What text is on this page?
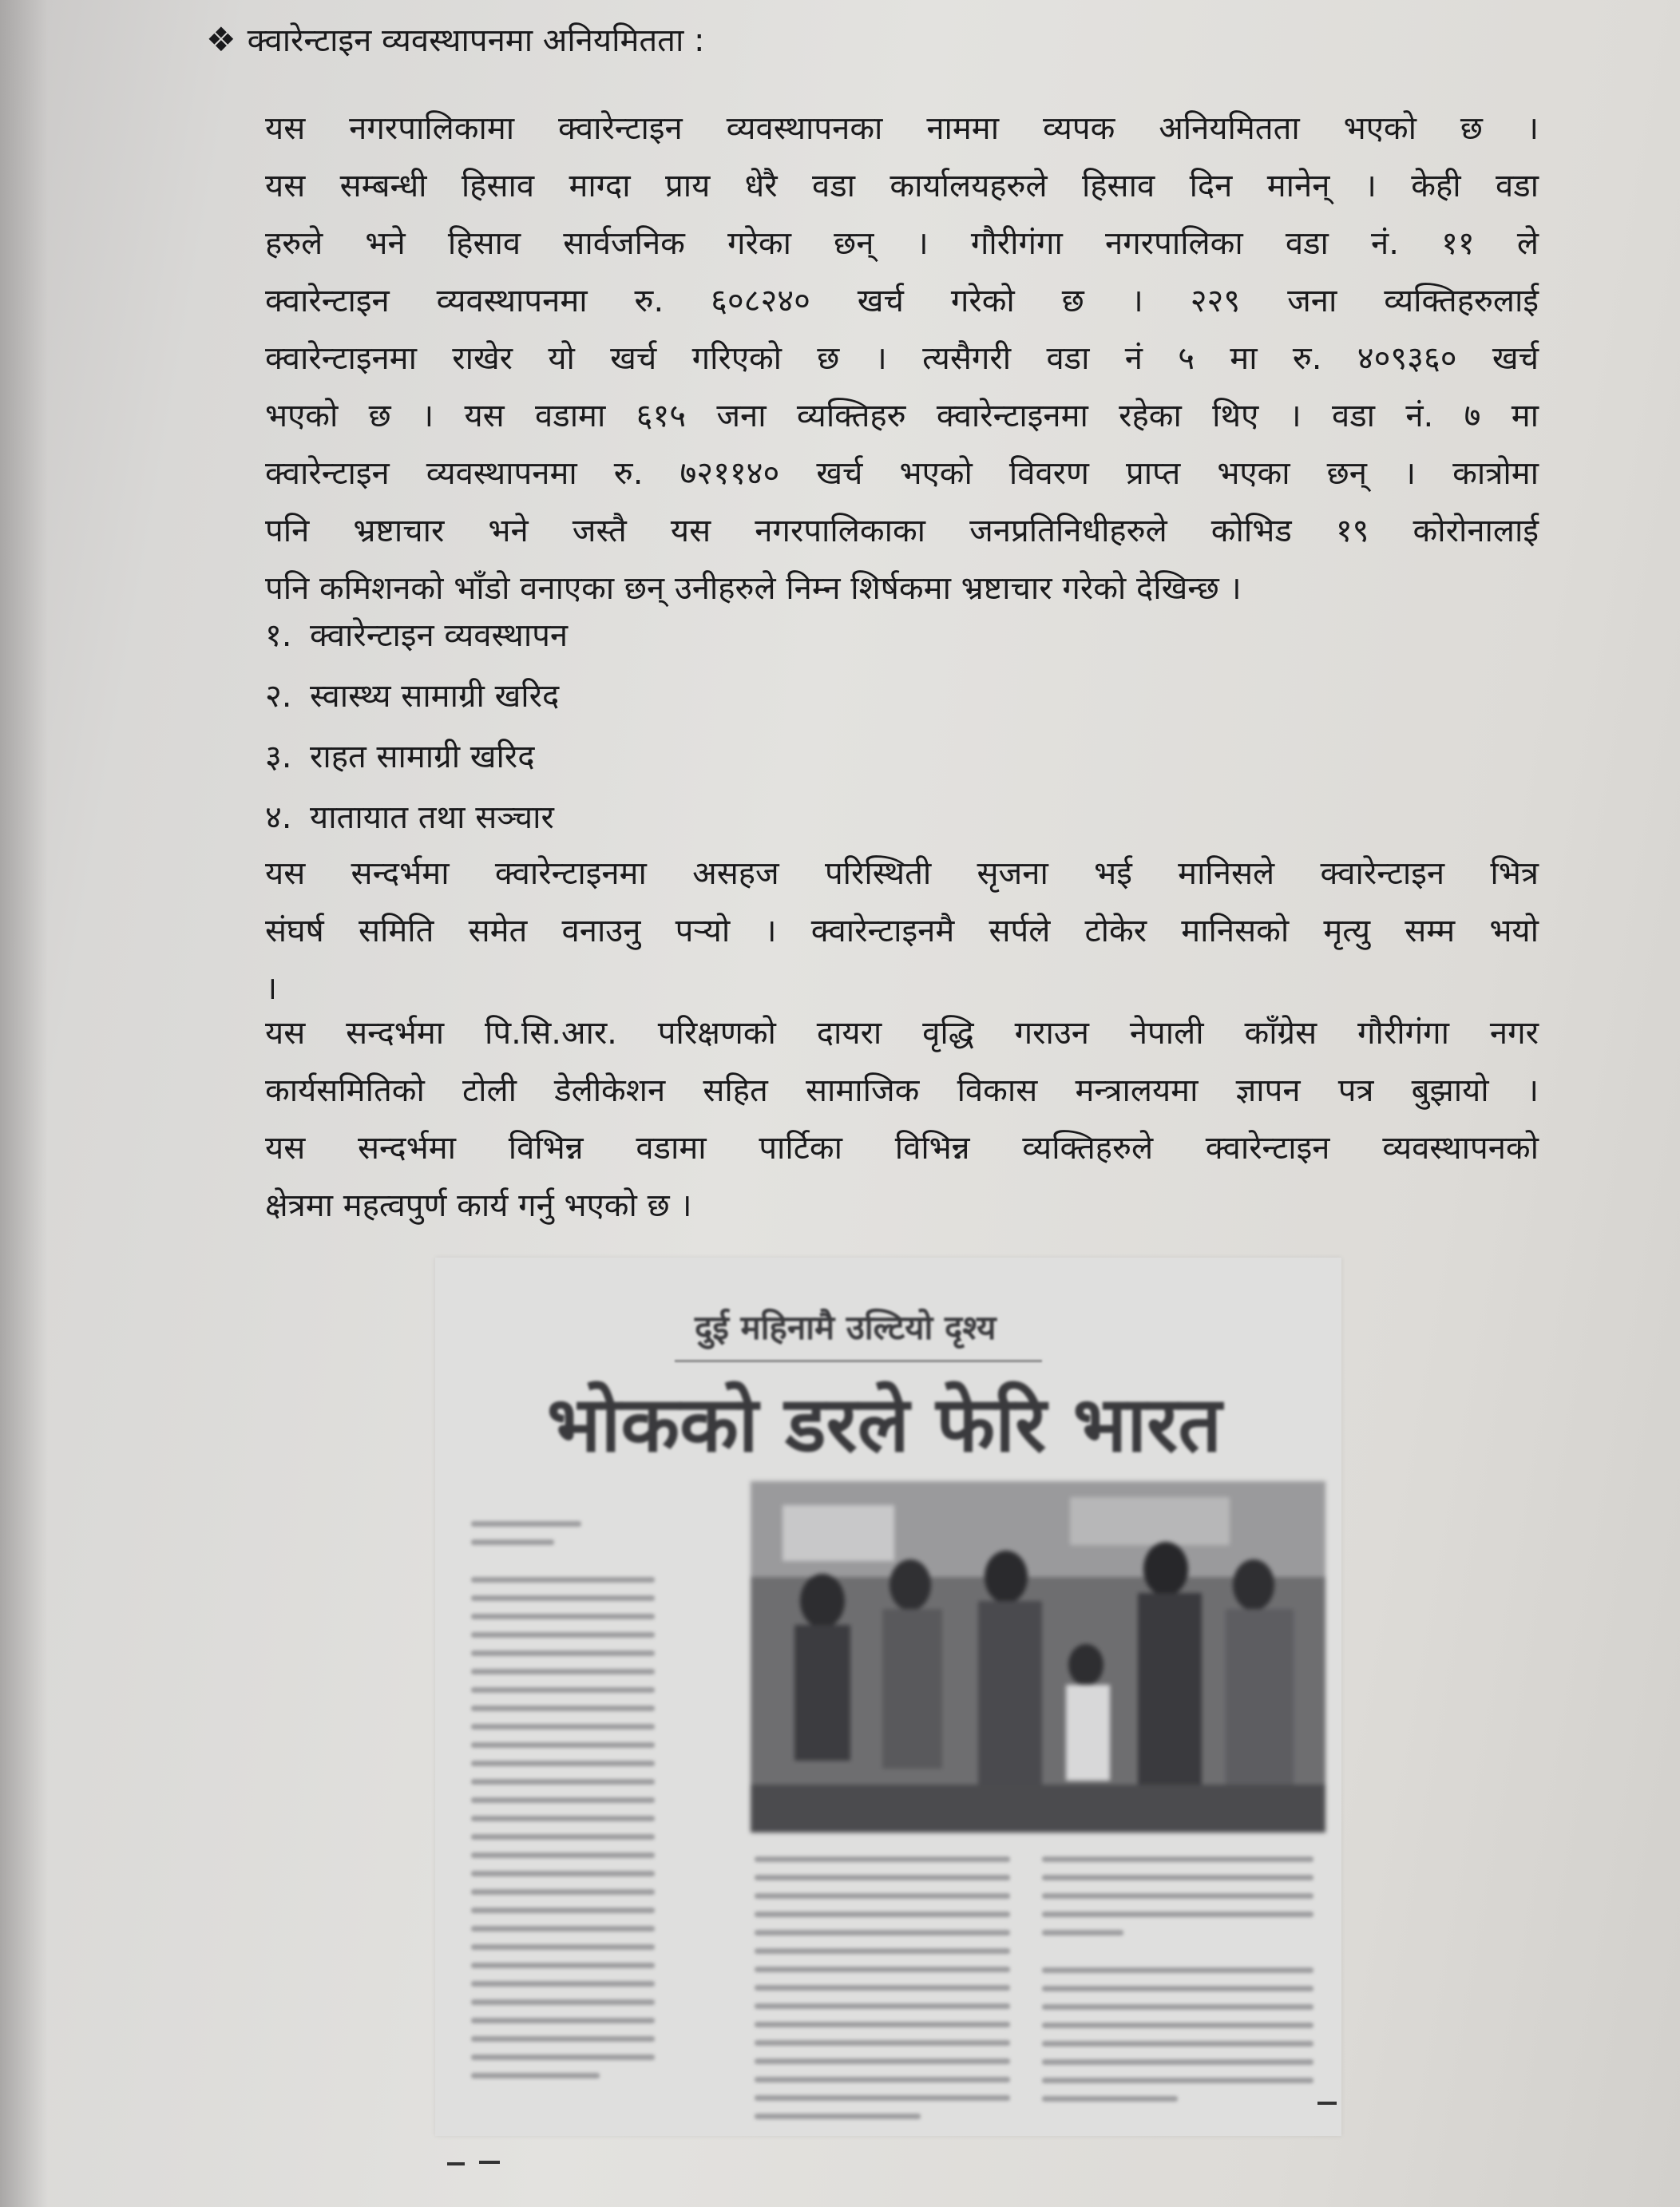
❖ क्वारेन्टाइन व्यवस्थापनमा अनियमितता :
यस नगरपालिकामा क्वारेन्टाइन व्यवस्थापनका नाममा व्यपक अनियमितता भएको छ ।
यस सम्बन्धी हिसाव माग्दा प्राय धेरै वडा कार्यालयहरुले हिसाव दिन मानेन् । केही वडा
हरुले भने हिसाव सार्वजनिक गरेका छन् । गौरीगंगा नगरपालिका वडा नं. ११ ले
क्वारेन्टाइन व्यवस्थापनमा रु. ६०८२४० खर्च गरेको छ । २२९ जना व्यक्तिहरुलाई
क्वारेन्टाइनमा राखेर यो खर्च गरिएको छ । त्यसैगरी वडा नं ५ मा रु. ४०९३६० खर्च
भएको छ । यस वडामा ६१५ जना व्यक्तिहरु क्वारेन्टाइनमा रहेका थिए । वडा नं. ७ मा
क्वारेन्टाइन व्यवस्थापनमा रु. ७२११४० खर्च भएको विवरण प्राप्त भएका छन् । कात्रोमा
पनि भ्रष्टाचार भने जस्तै यस नगरपालिकाका जनप्रतिनिधीहरुले कोभिड १९ कोरोनालाई
पनि कमिशनको भाँडो वनाएका छन् उनीहरुले निम्न शिर्षकमा भ्रष्टाचार गरेको देखिन्छ ।
१. क्वारेन्टाइन व्यवस्थापन
२. स्वास्थ्य सामाग्री खरिद
३. राहत सामाग्री खरिद
४. यातायात तथा सञ्चार
यस सन्दर्भमा क्वारेन्टाइनमा असहज परिस्थिती सृजना भई मानिसले क्वारेन्टाइन भित्र
संघर्ष समिति समेत वनाउनु पऱ्यो । क्वारेन्टाइनमै सर्पले टोकेर मानिसको मृत्यु सम्म भयो
।
यस सन्दर्भमा पि.सि.आर. परिक्षणको दायरा वृद्धि गराउन नेपाली काँग्रेस गौरीगंगा नगर
कार्यसमितिको टोली डेलीकेशन सहित सामाजिक विकास मन्त्रालयमा ज्ञापन पत्र बुझायो ।
यस सन्दर्भमा विभिन्न वडामा पार्टिका विभिन्न व्यक्तिहरुले क्वारेन्टाइन व्यवस्थापनको
क्षेत्रमा महत्वपुर्ण कार्य गर्नु भएको छ ।
दुई महिनामै उल्टियो दृश्य
भोकको डरले फेरि भारत
